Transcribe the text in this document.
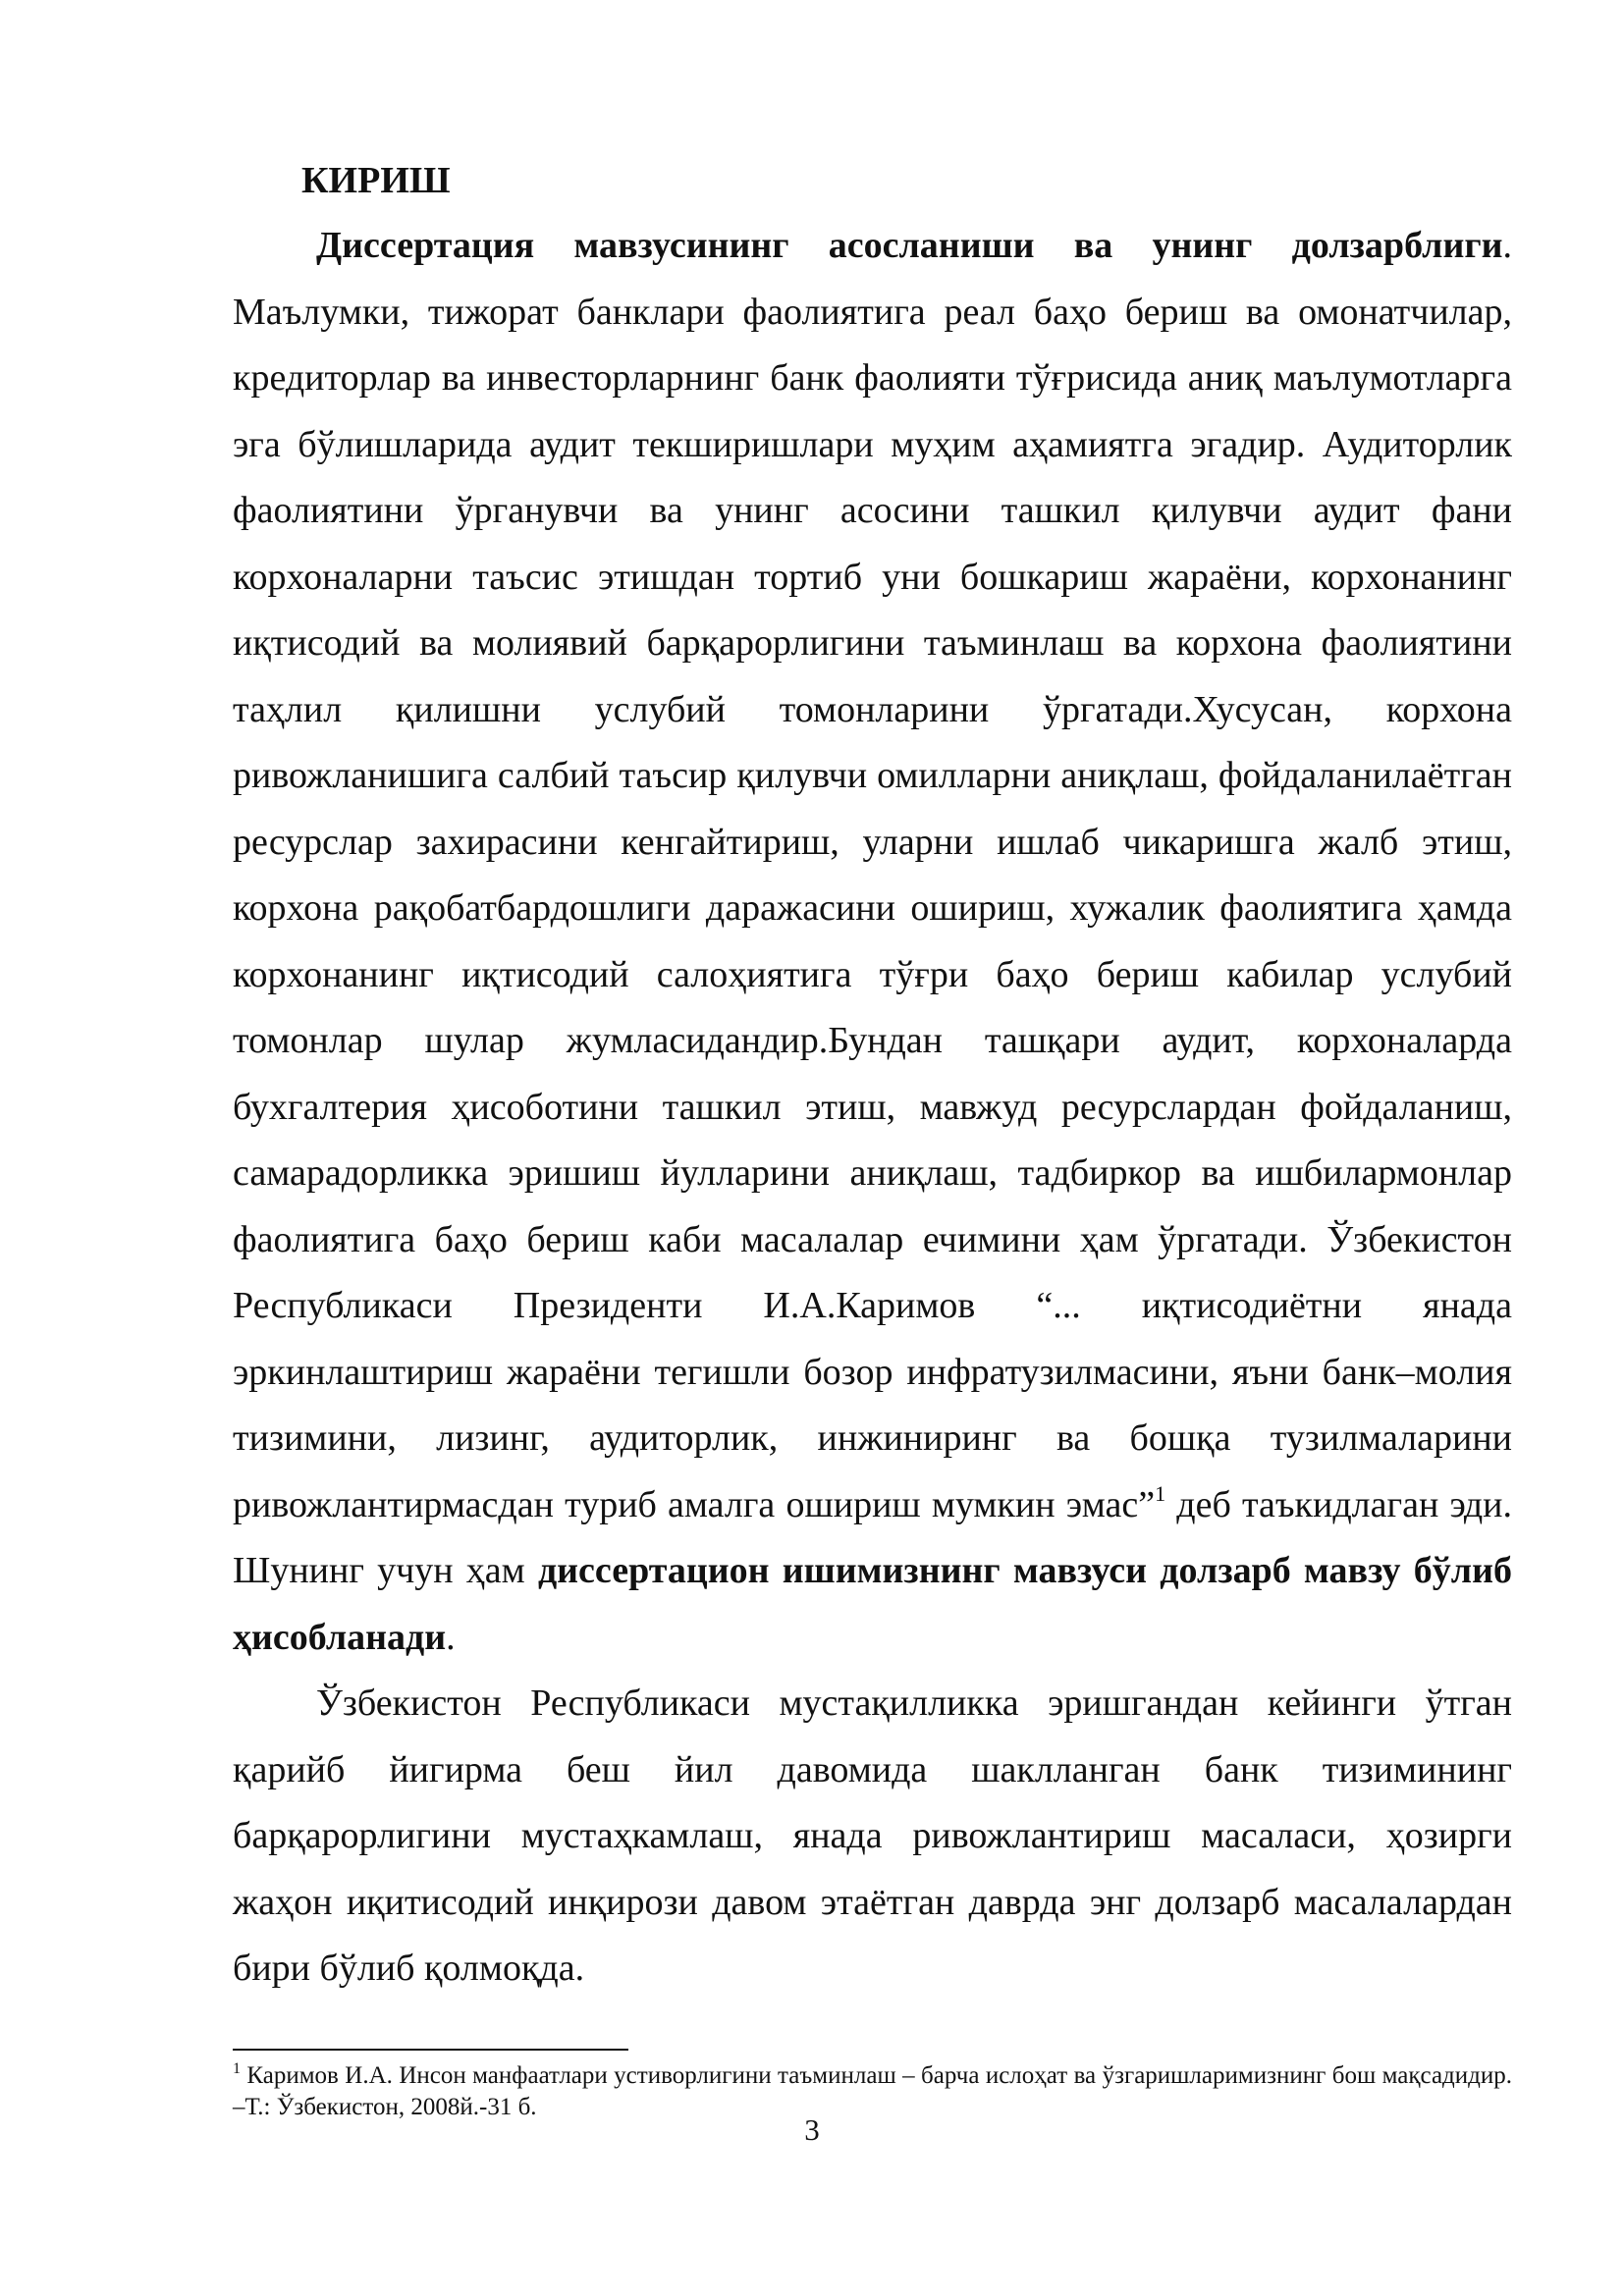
КИРИШ

Диссертация мавзусининг асосланиши ва унинг долзарблиги. Маълумки, тижорат банклари фаолиятига реал баҳо бериш ва омонатчилар, кредиторлар ва инвесторларнинг банк фаолияти тўғрисида аниқ маълумотларга эга бўлишларида аудит текширишлари муҳим аҳамиятга эгадир. Аудиторлик фаолиятини ўрганувчи ва унинг асосини ташкил қилувчи аудит фани корхоналарни таъсис этишдан тортиб уни бошкариш жараёни, корхонанинг иқтисодий ва молиявий барқарорлигини таъминлаш ва корхона фаолиятини таҳлил қилишни услубий томонларини ўргатади.Хусусан, корхона ривожланишига салбий таъсир қилувчи омилларни аниқлаш, фойдаланилаётган ресурслар захирасини кенгайтириш, уларни ишлаб чикаришга жалб этиш, корхона рақобатбардошлиги даражасини ошириш, хужалик фаолиятига ҳамда корхонанинг иқтисодий салоҳиятига тўғри баҳо бериш кабилар услубий томонлар шулар жумласидандир.Бундан ташқари аудит, корхоналарда бухгалтерия ҳисоботини ташкил этиш, мавжуд ресурслардан фойдаланиш, самарадорликка эришиш йулларини аниқлаш, тадбиркор ва ишбилармонлар фаолиятига баҳо бериш каби масалалар ечимини ҳам ўргатади. Ўзбекистон Республикаси Президенти И.А.Каримов “... иқтисодиётни янада эркинлаштириш жараёни тегишли бозор инфратузилмасини, яъни банк–молия тизимини, лизинг, аудиторлик, инжиниринг ва бошқа тузилмаларини ривожлантирмасдан туриб амалга ошириш мумкин эмас”$^1$ деб таъкидлаган эди. Шунинг учун ҳам диссертацион ишимизнинг мавзуси долзарб мавзу бўлиб ҳисобланади.

Ўзбекистон Республикаси мустақилликка эришгандан кейинги ўтган қарийб йигирма беш йил давомида шаклланган банк тизимининг барқарорлигини мустаҳкамлаш, янада ривожлантириш масаласи, ҳозирги жаҳон иқитисодий инқирози давом этаётган даврда энг долзарб масалалардан бири бўлиб қолмоқда.

$^1$ Каримов И.А. Инсон манфаатлари устиворлигини таъминлаш – барча ислоҳат ва ўзгаришларимизнинг бош мақсадидир. –Т.: Ўзбекистон, 2008й.-31 б.

3
